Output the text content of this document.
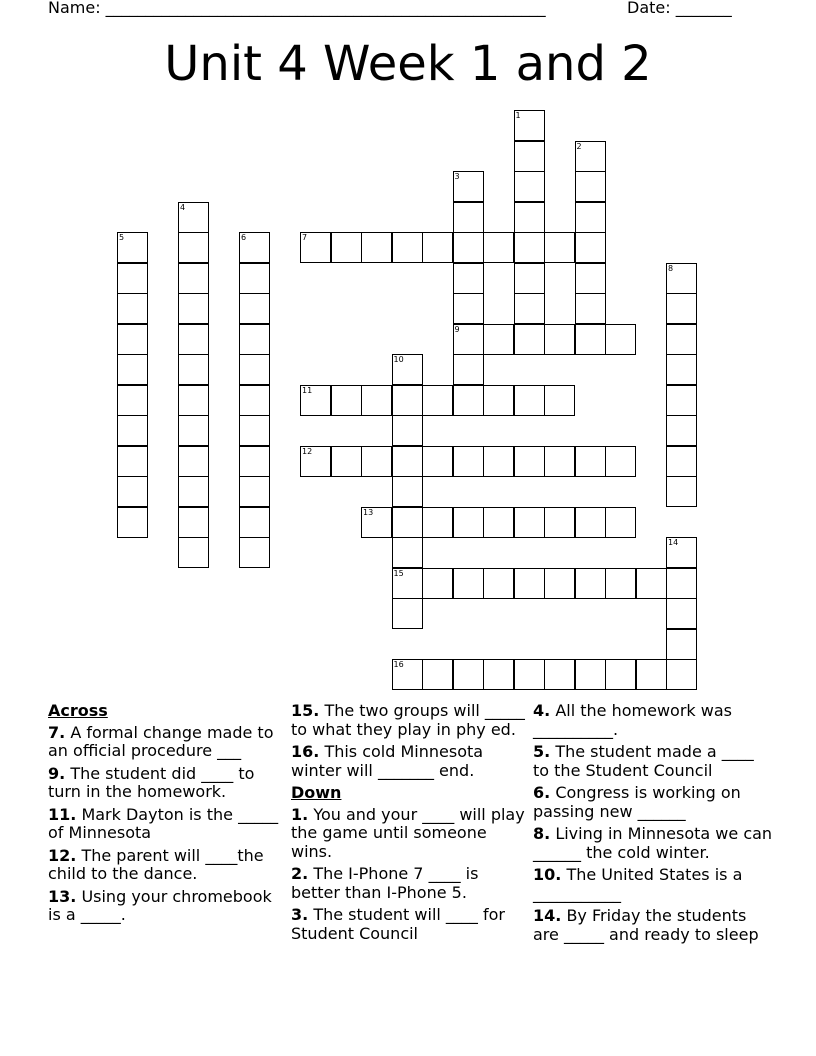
Name: _______________________________________________________	Date: _______
Unit 4 Week 1 and 2
1
2
3
4
5	6	7
8
9
10
11
12
13
14
15
16
Across
7. A formal change made to an official procedure ___
9. The student did ____ to turn in the homework.
11. Mark Dayton is the _____ of Minnesota
12. The parent will ____the child to the dance.
13. Using your chromebook is a _____.
15. The two groups will _____ to what they play in phy ed.
16. This cold Minnesota winter will _______ end.
Down
1. You and your ____ will play the game until someone wins.
2. The I-Phone 7 ____ is better than I-Phone 5.
3. The student will ____ for Student Council
4. All the homework was __________.
5. The student made a ____ to the Student Council
6. Congress is working on passing new ______
8. Living in Minnesota we can ______ the cold winter.
10. The United States is a ___________
14. By Friday the students are _____ and ready to sleep
